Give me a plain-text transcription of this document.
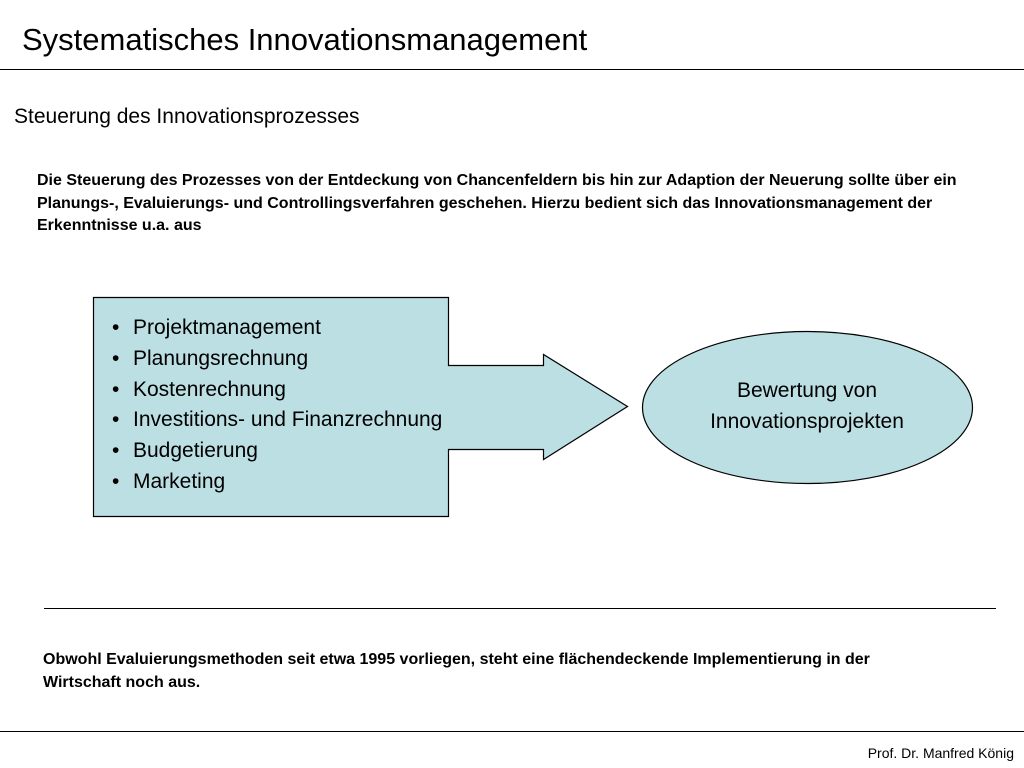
Systematisches Innovationsmanagement
Steuerung des Innovationsprozesses
Die Steuerung des Prozesses von der Entdeckung von Chancenfeldern bis hin zur Adaption der Neuerung sollte über ein Planungs-, Evaluierungs- und Controllingsverfahren geschehen. Hierzu bedient sich das Innovationsmanagement der Erkenntnisse u.a. aus
• Projektmanagement
• Planungsrechnung
• Kostenrechnung
• Investitions- und Finanzrechnung
• Budgetierung
• Marketing
Bewertung von
Innovationsprojekten
Obwohl Evaluierungsmethoden seit etwa 1995 vorliegen, steht eine flächendeckende Implementierung in der Wirtschaft noch aus.
Prof. Dr. Manfred König
